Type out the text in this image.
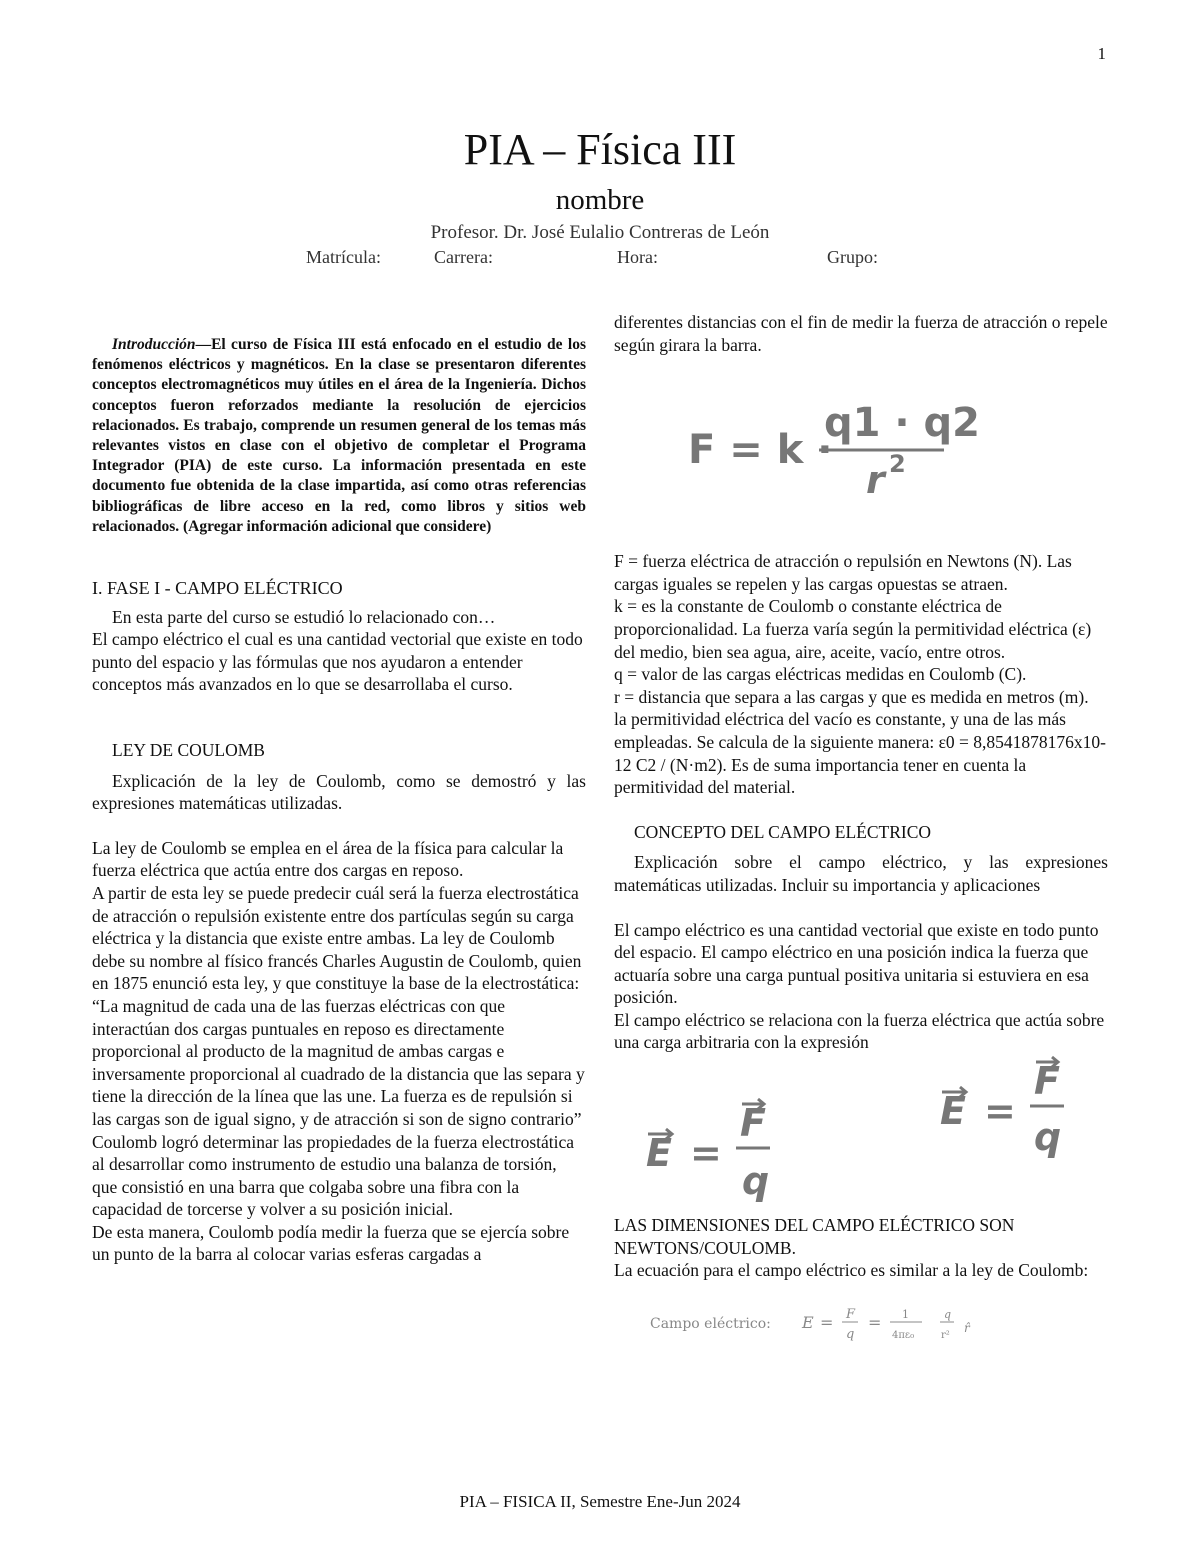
1
PIA – Física III
nombre
Profesor. Dr. José Eulalio Contreras de León
Matrícula:	Carrera:	Hora:	Grupo:
Introducción—El curso de Física III está enfocado en el estudio de los fenómenos eléctricos y magnéticos. En la clase se presentaron diferentes conceptos electromagnéticos muy útiles en el área de la Ingeniería. Dichos conceptos fueron reforzados mediante la resolución de ejercicios relacionados. Es trabajo, comprende un resumen general de los temas más relevantes vistos en clase con el objetivo de completar el Programa Integrador (PIA) de este curso. La información presentada en este documento fue obtenida de la clase impartida, así como otras referencias bibliográficas de libre acceso en la red, como libros y sitios web relacionados. (Agregar información adicional que considere)
I. FASE I - CAMPO ELÉCTRICO
En esta parte del curso se estudió lo relacionado con…
El campo eléctrico el cual es una cantidad vectorial que existe en todo punto del espacio y las fórmulas que nos ayudaron a entender conceptos más avanzados en lo que se desarrollaba el curso.
LEY DE COULOMB
Explicación de la ley de Coulomb, como se demostró y las expresiones matemáticas utilizadas.
La ley de Coulomb se emplea en el área de la física para calcular la fuerza eléctrica que actúa entre dos cargas en reposo.
A partir de esta ley se puede predecir cuál será la fuerza electrostática de atracción o repulsión existente entre dos partículas según su carga eléctrica y la distancia que existe entre ambas. La ley de Coulomb debe su nombre al físico francés Charles Augustin de Coulomb, quien en 1875 enunció esta ley, y que constituye la base de la electrostática:
“La magnitud de cada una de las fuerzas eléctricas con que interactúan dos cargas puntuales en reposo es directamente proporcional al producto de la magnitud de ambas cargas e inversamente proporcional al cuadrado de la distancia que las separa y tiene la dirección de la línea que las une. La fuerza es de repulsión si las cargas son de igual signo, y de atracción si son de signo contrario”
Coulomb logró determinar las propiedades de la fuerza electrostática al desarrollar como instrumento de estudio una balanza de torsión, que consistió en una barra que colgaba sobre una fibra con la capacidad de torcerse y volver a su posición inicial.
De esta manera, Coulomb podía medir la fuerza que se ejercía sobre un punto de la barra al colocar varias esferas cargadas a
diferentes distancias con el fin de medir la fuerza de atracción o repele según girara la barra.
F = k ·
q1 · q2
r 2
F = fuerza eléctrica de atracción o repulsión en Newtons (N). Las cargas iguales se repelen y las cargas opuestas se atraen.
k = es la constante de Coulomb o constante eléctrica de proporcionalidad. La fuerza varía según la permitividad eléctrica (ε) del medio, bien sea agua, aire, aceite, vacío, entre otros.
q = valor de las cargas eléctricas medidas en Coulomb (C).
r = distancia que separa a las cargas y que es medida en metros (m).
la permitividad eléctrica del vacío es constante, y una de las más empleadas. Se calcula de la siguiente manera: ε0 = 8,8541878176x10-12 C2 / (N·m2). Es de suma importancia tener en cuenta la permitividad del material.
CONCEPTO DEL CAMPO ELÉCTRICO
Explicación sobre el campo eléctrico, y las expresiones matemáticas utilizadas. Incluir su importancia y aplicaciones
El campo eléctrico es una cantidad vectorial que existe en todo punto del espacio. El campo eléctrico en una posición indica la fuerza que actuaría sobre una carga puntual positiva unitaria si estuviera en esa posición.
El campo eléctrico se relaciona con la fuerza eléctrica que actúa sobre una carga arbitraria con la expresión
E =
F
q
E =
F
q
LAS DIMENSIONES DEL CAMPO ELÉCTRICO SON NEWTONS/COULOMB.
La ecuación para el campo eléctrico es similar a la ley de Coulomb:
Campo eléctrico: E = F
q
= 1
4πε₀
q
r²
r̂
PIA – FISICA II, Semestre Ene-Jun 2024
